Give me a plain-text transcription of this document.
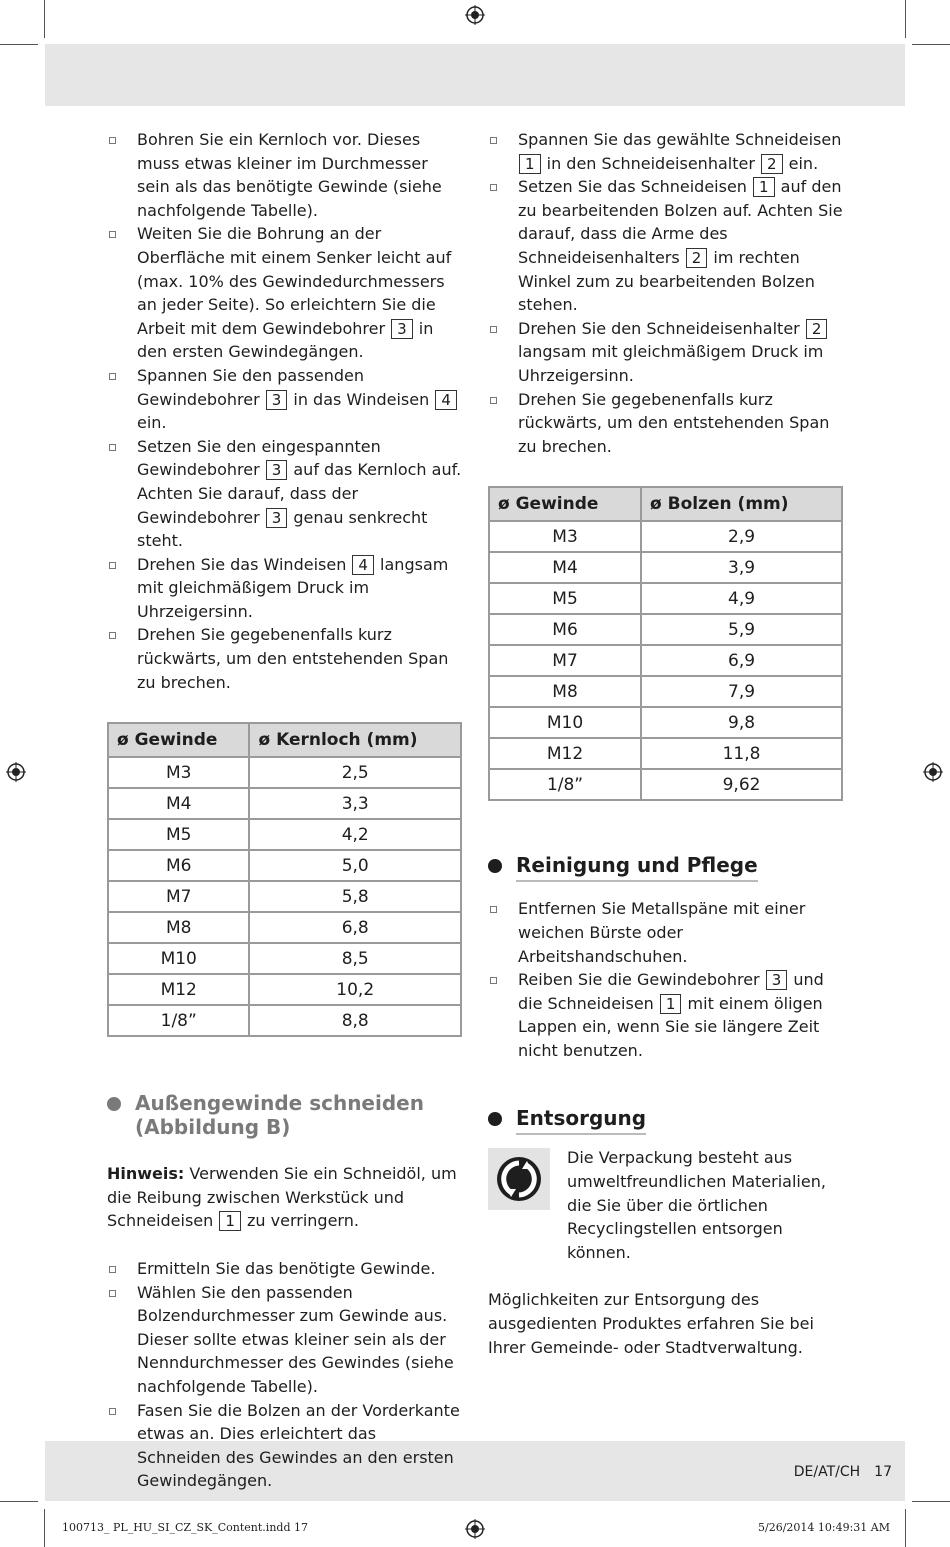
Bohren Sie ein Kernloch vor. Dieses muss etwas kleiner im Durchmesser sein als das benötigte Gewinde (siehe nachfolgende Tabelle).
Weiten Sie die Bohrung an der Oberfläche mit einem Senker leicht auf (max. 10% des Gewindedurchmessers an jeder Seite). So erleichtern Sie die Arbeit mit dem Gewindebohrer 3 in den ersten Gewindegängen.
Spannen Sie den passenden Gewindebohrer 3 in das Windeisen 4 ein.
Setzen Sie den eingespannten Gewindebohrer 3 auf das Kernloch auf. Achten Sie darauf, dass der Gewindebohrer 3 genau senkrecht steht.
Drehen Sie das Windeisen 4 langsam mit gleichmäßigem Druck im Uhrzeigersinn.
Drehen Sie gegebenenfalls kurz rückwärts, um den entstehenden Span zu brechen.
ø Gewinde	ø Kernloch (mm)
M3	2,5
M4	3,3
M5	4,2
M6	5,0
M7	5,8
M8	6,8
M10	8,5
M12	10,2
1/8”	8,8
Außengewinde schneiden (Abbildung B)
Hinweis: Verwenden Sie ein Schneidöl, um die Reibung zwischen Werkstück und Schneideisen 1 zu verringern.
Ermitteln Sie das benötigte Gewinde.
Wählen Sie den passenden Bolzendurchmesser zum Gewinde aus. Dieser sollte etwas kleiner sein als der Nenndurchmesser des Gewindes (siehe nachfolgende Tabelle).
Fasen Sie die Bolzen an der Vorderkante etwas an. Dies erleichtert das Schneiden des Gewindes an den ersten Gewindegängen.
Spannen Sie das gewählte Schneideisen 1 in den Schneideisenhalter 2 ein.
Setzen Sie das Schneideisen 1 auf den zu bearbeitenden Bolzen auf. Achten Sie darauf, dass die Arme des Schneideisenhalters 2 im rechten Winkel zum zu bearbeitenden Bolzen stehen.
Drehen Sie den Schneideisenhalter 2 langsam mit gleichmäßigem Druck im Uhrzeigersinn.
Drehen Sie gegebenenfalls kurz rückwärts, um den entstehenden Span zu brechen.
ø Gewinde	ø Bolzen (mm)
M3	2,9
M4	3,9
M5	4,9
M6	5,9
M7	6,9
M8	7,9
M10	9,8
M12	11,8
1/8”	9,62
Reinigung und Pflege
Entfernen Sie Metallspäne mit einer weichen Bürste oder Arbeitshandschuhen.
Reiben Sie die Gewindebohrer 3 und die Schneideisen 1 mit einem öligen Lappen ein, wenn Sie sie längere Zeit nicht benutzen.
Entsorgung
Die Verpackung besteht aus umweltfreundlichen Materialien, die Sie über die örtlichen Recyclingstellen entsorgen können.
Möglichkeiten zur Entsorgung des ausgedienten Produktes erfahren Sie bei Ihrer Gemeinde- oder Stadtverwaltung.
DE/AT/CH 17
100713_ PL_HU_SI_CZ_SK_Content.indd 17	5/26/2014 10:49:31 AM
